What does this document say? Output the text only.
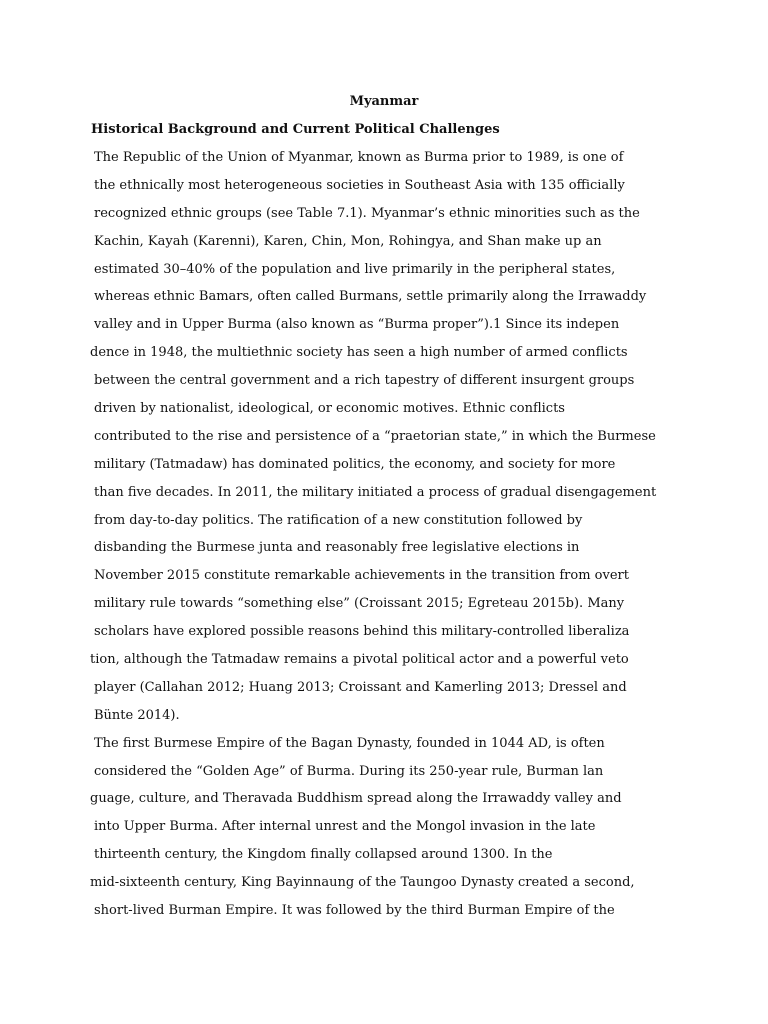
Myanmar
Historical Background and Current Political Challenges
The Republic of the Union of Myanmar, known as Burma prior to 1989, is one of
the ethnically most heterogeneous societies in Southeast Asia with 135 officially
recognized ethnic groups (see Table 7.1). Myanmar’s ethnic minorities such as the
Kachin, Kayah (Karenni), Karen, Chin, Mon, Rohingya, and Shan make up an
estimated 30–40% of the population and live primarily in the peripheral states,
whereas ethnic Bamars, often called Burmans, settle primarily along the Irrawaddy
valley and in Upper Burma (also known as “Burma proper”).1 Since its indepen
dence in 1948, the multiethnic society has seen a high number of armed conflicts
between the central government and a rich tapestry of different insurgent groups
driven by nationalist, ideological, or economic motives. Ethnic conflicts
contributed to the rise and persistence of a “praetorian state,” in which the Burmese
military (Tatmadaw) has dominated politics, the economy, and society for more
than five decades. In 2011, the military initiated a process of gradual disengagement
from day-to-day politics. The ratification of a new constitution followed by
disbanding the Burmese junta and reasonably free legislative elections in
November 2015 constitute remarkable achievements in the transition from overt
military rule towards “something else” (Croissant 2015; Egreteau 2015b). Many
scholars have explored possible reasons behind this military-controlled liberaliza
tion, although the Tatmadaw remains a pivotal political actor and a powerful veto
player (Callahan 2012; Huang 2013; Croissant and Kamerling 2013; Dressel and
Bünte 2014).
The first Burmese Empire of the Bagan Dynasty, founded in 1044 AD, is often
considered the “Golden Age” of Burma. During its 250-year rule, Burman lan
guage, culture, and Theravada Buddhism spread along the Irrawaddy valley and
into Upper Burma. After internal unrest and the Mongol invasion in the late
thirteenth century, the Kingdom finally collapsed around 1300. In the
mid-sixteenth century, King Bayinnaung of the Taungoo Dynasty created a second,
short-lived Burman Empire. It was followed by the third Burman Empire of the
